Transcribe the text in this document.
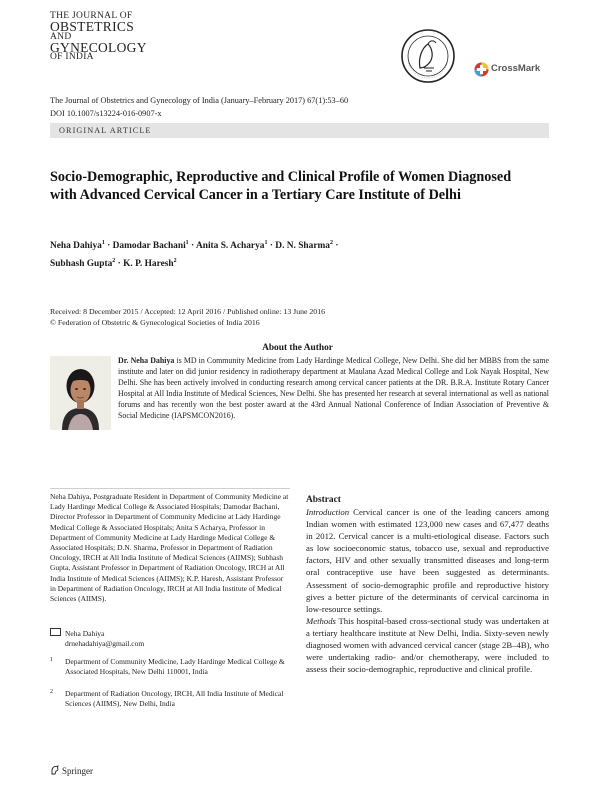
THE JOURNAL OF
OBSTETRICS
AND
GYNECOLOGY
OF INDIA
CrossMark
The Journal of Obstetrics and Gynecology of India (January–February 2017) 67(1):53–60
DOI 10.1007/s13224-016-0907-x
ORIGINAL ARTICLE
Socio-Demographic, Reproductive and Clinical Profile of Women Diagnosed with Advanced Cervical Cancer in a Tertiary Care Institute of Delhi
Neha Dahiya$^1$ · Damodar Bachani$^1$ · Anita S. Acharya$^1$ · D. N. Sharma$^2$ ·
Subhash Gupta$^2$ · K. P. Haresh$^2$
Received: 8 December 2015 / Accepted: 12 April 2016 / Published online: 13 June 2016
© Federation of Obstetric & Gynecological Societies of India 2016
About the Author
Dr. Neha Dahiya is MD in Community Medicine from Lady Hardinge Medical College, New Delhi. She did her MBBS from the same institute and later on did junior residency in radiotherapy department at Maulana Azad Medical College and Lok Nayak Hospital, New Delhi. She has been actively involved in conducting research among cervical cancer patients at the DR. B.R.A. Institute Rotary Cancer Hospital at All India Institute of Medical Sciences, New Delhi. She has presented her research at several international as well as national forums and has recently won the best poster award at the 43rd Annual National Conference of Indian Association of Preventive & Social Medicine (IAPSMCON2016).
Neha Dahiya, Postgraduate Resident in Department of Community Medicine at Lady Hardinge Medical College & Associated Hospitals; Damodar Bachani, Director Professor in Department of Community Medicine at Lady Hardinge Medical College & Associated Hospitals; Anita S Acharya, Professor in Department of Community Medicine at Lady Hardinge Medical College & Associated Hospitals; D.N. Sharma, Professor in Department of Radiation Oncology, IRCH at All India Institute of Medical Sciences (AIIMS); Subhash Gupta, Assistant Professor in Department of Radiation Oncology, IRCH at All India Institute of Medical Sciences (AIIMS); K.P. Haresh, Assistant Professor in Department of Radiation Oncology, IRCH at All India Institute of Medical Sciences (AIIMS).
Neha Dahiya
drnehadahiya@gmail.com
1 Department of Community Medicine, Lady Hardinge Medical College & Associated Hospitals, New Delhi 110001, India
2 Department of Radiation Oncology, IRCH, All India Institute of Medical Sciences (AIIMS), New Delhi, India
Abstract

Introduction Cervical cancer is one of the leading cancers among Indian women with estimated 123,000 new cases and 67,477 deaths in 2012. Cervical cancer is a multi-etiological disease. Factors such as low socioeconomic status, tobacco use, sexual and reproductive factors, HIV and other sexually transmitted diseases and long-term oral contraceptive use have been suggested as determinants. Assessment of socio-demographic profile and reproductive history gives a better picture of the determinants of cervical carcinoma in low-resource settings.

Methods This hospital-based cross-sectional study was undertaken at a tertiary healthcare institute at New Delhi, India. Sixty-seven newly diagnosed women with advanced cervical cancer (stage 2B–4B), who were undertaking radio- and/or chemotherapy, were included to assess their socio-demographic, reproductive and clinical profile.

Springer
